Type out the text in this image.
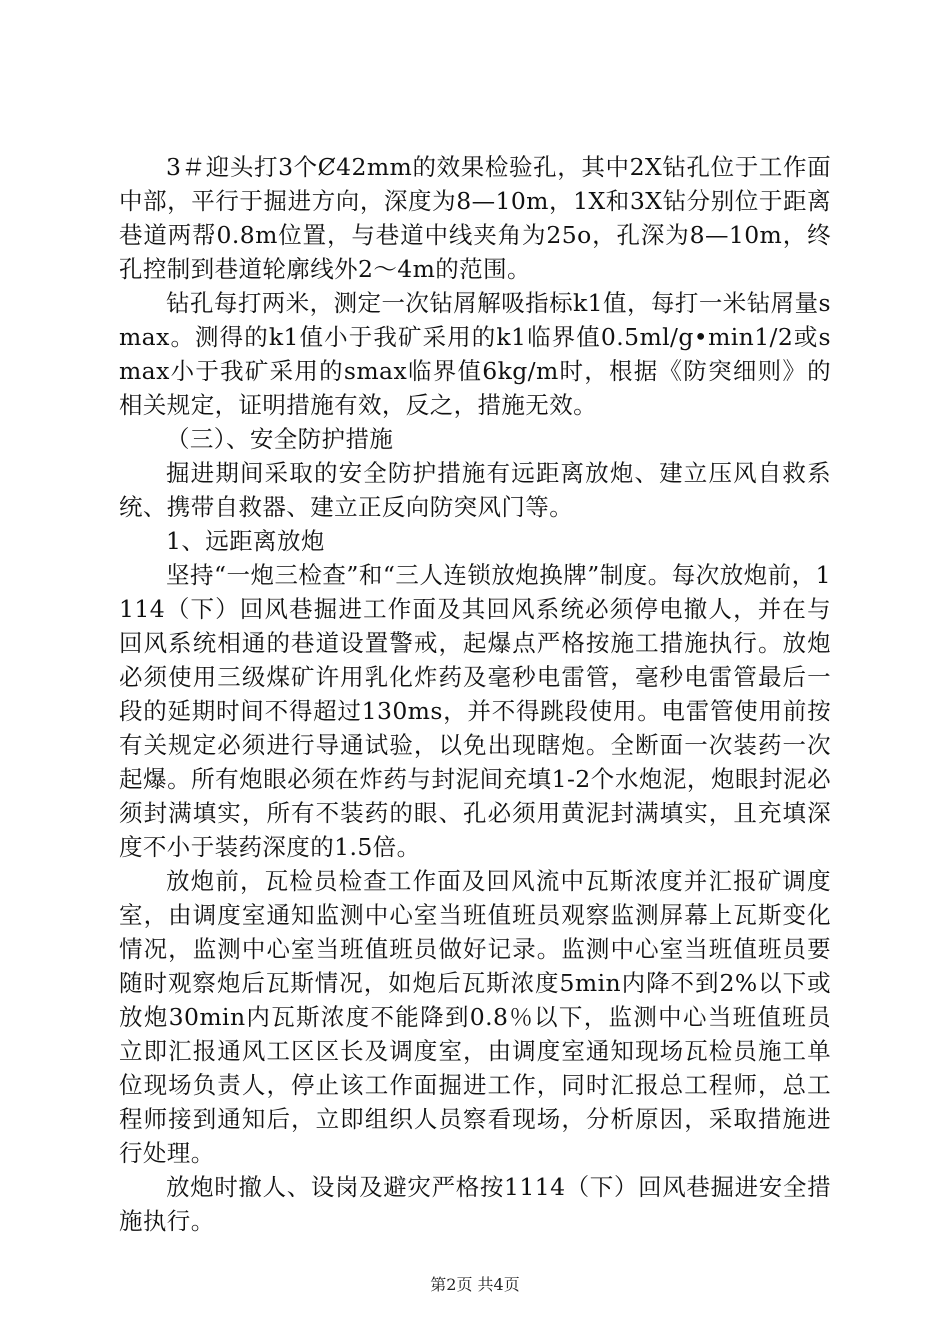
3＃迎头打3个Ȼ42mm的效果检验孔，其中2X钻孔位于工作面中部，平行于掘进方向，深度为8—10m，1X和3X钻分别位于距离巷道两帮0.8m位置，与巷道中线夹角为25o，孔深为8—10m，终孔控制到巷道轮廓线外2～4m的范围。

钻孔每打两米，测定一次钻屑解吸指标k1值，每打一米钻屑量smax。测得的k1值小于我矿采用的k1临界值0.5ml/g•min1/2或smax小于我矿采用的smax临界值6kg/m时，根据《防突细则》的相关规定，证明措施有效，反之，措施无效。

（三）、安全防护措施

掘进期间采取的安全防护措施有远距离放炮、建立压风自救系统、携带自救器、建立正反向防突风门等。

1、远距离放炮

坚持“一炮三检查”和“三人连锁放炮换牌”制度。每次放炮前，1114（下）回风巷掘进工作面及其回风系统必须停电撤人，并在与回风系统相通的巷道设置警戒，起爆点严格按施工措施执行。放炮必须使用三级煤矿许用乳化炸药及毫秒电雷管，毫秒电雷管最后一段的延期时间不得超过130ms，并不得跳段使用。电雷管使用前按有关规定必须进行导通试验，以免出现瞎炮。全断面一次装药一次起爆。所有炮眼必须在炸药与封泥间充填1-2个水炮泥，炮眼封泥必须封满填实，所有不装药的眼、孔必须用黄泥封满填实，且充填深度不小于装药深度的1.5倍。

放炮前，瓦检员检查工作面及回风流中瓦斯浓度并汇报矿调度室，由调度室通知监测中心室当班值班员观察监测屏幕上瓦斯变化情况，监测中心室当班值班员做好记录。监测中心室当班值班员要随时观察炮后瓦斯情况，如炮后瓦斯浓度5min内降不到2%以下或放炮30min内瓦斯浓度不能降到0.8％以下，监测中心当班值班员立即汇报通风工区区长及调度室，由调度室通知现场瓦检员施工单位现场负责人，停止该工作面掘进工作，同时汇报总工程师，总工程师接到通知后，立即组织人员察看现场，分析原因，采取措施进行处理。

放炮时撤人、设岗及避灾严格按1114（下）回风巷掘进安全措施执行。

第2页 共4页
